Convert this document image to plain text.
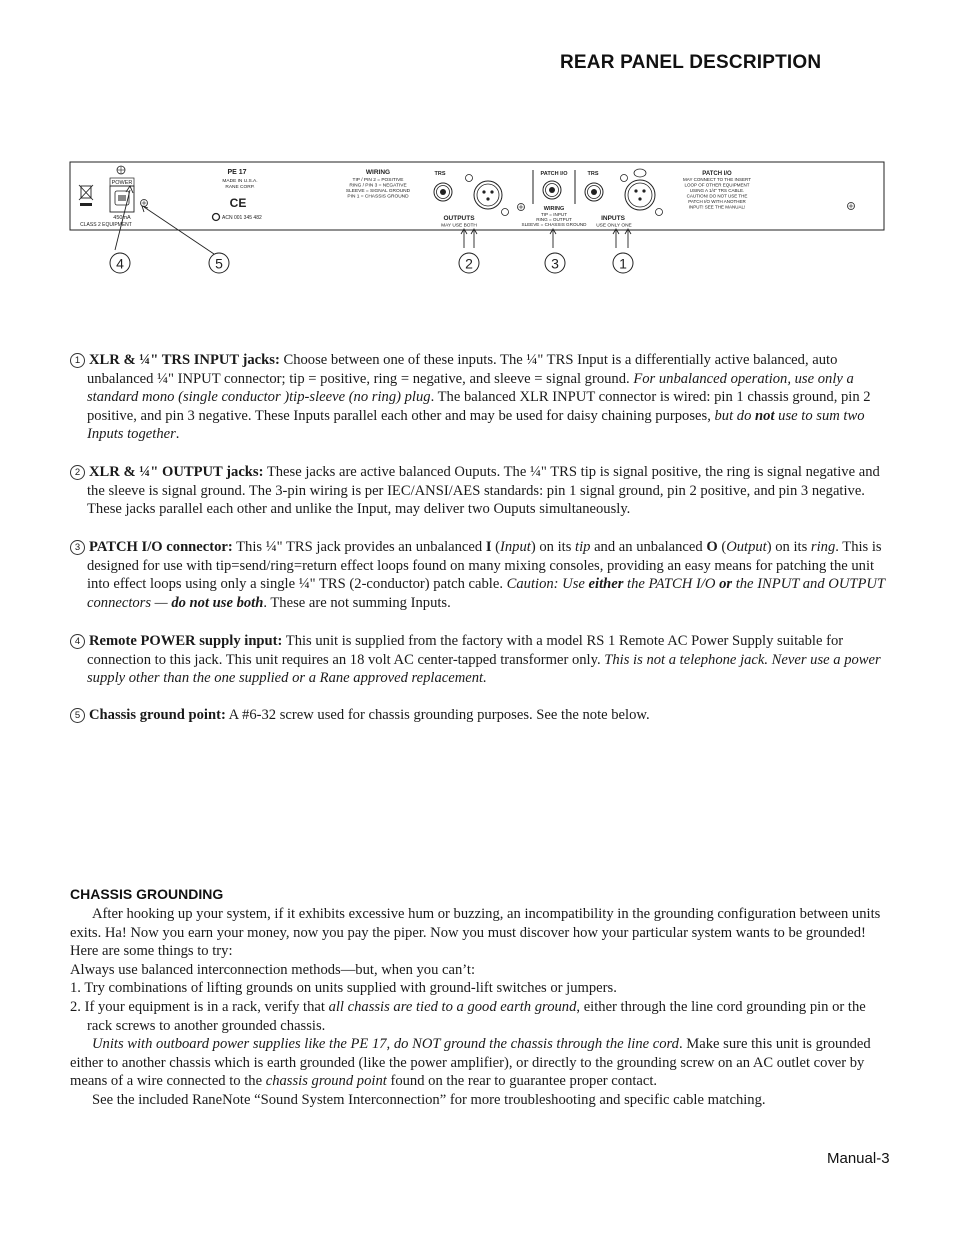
REAR PANEL DESCRIPTION
POWER
450mA
CLASS 2 EQUIPMENT
PE 17
MADE IN U.S.A.
RANE CORP.
CE
ACN 001 345 482
WIRING
TIP / PIN 2 = POSITIVE
RING / PIN 3 = NEGATIVE
SLEEVE = SIGNAL GROUND
PIN 1 = CHASSIS GROUND
TRS
OUTPUTS
MAY USE BOTH
PATCH I/O
WIRING
TIP = INPUT
RING = OUTPUT
SLEEVE = CHASSIS GROUND
TRS
INPUTS
USE ONLY ONE
PATCH I/O
MAY CONNECT TO THE INSERT
LOOP OF OTHER EQUIPMENT
USING A 1/4" TRS CABLE.
CAUTION! DO NOT USE THE
PATCH I/O WITH ANOTHER
INPUT! SEE THE MANUAL!
4	5	2	3	1

1 XLR & ¼" TRS INPUT jacks: Choose between one of these inputs. The ¼" TRS Input is a differentially active balanced, auto unbalanced ¼" INPUT connector; tip = positive, ring = negative, and sleeve = signal ground. For unbalanced operation, use only a standard mono (single conductor )tip-sleeve (no ring) plug. The balanced XLR INPUT connector is wired: pin 1 chassis ground, pin 2 positive, and pin 3 negative. These Inputs parallel each other and may be used for daisy chaining purposes, but do not use to sum two Inputs together.

2 XLR & ¼" OUTPUT jacks: These jacks are active balanced Ouputs. The ¼" TRS tip is signal positive, the ring is signal negative and the sleeve is signal ground. The 3-pin wiring is per IEC/ANSI/AES standards: pin 1 signal ground, pin 2 positive, and pin 3 negative. These jacks parallel each other and unlike the Input, may deliver two Ouputs simultaneously.

3 PATCH I/O connector: This ¼" TRS jack provides an unbalanced I (Input) on its tip and an unbalanced O (Output) on its ring. This is designed for use with tip=send/ring=return effect loops found on many mixing consoles, providing an easy means for patching the unit into effect loops using only a single ¼" TRS (2-conductor) patch cable. Caution: Use either the PATCH I/O or the INPUT and OUTPUT connectors — do not use both. These are not summing Inputs.

4 Remote POWER supply input: This unit is supplied from the factory with a model RS 1 Remote AC Power Supply suitable for connection to this jack. This unit requires an 18 volt AC center-tapped transformer only. This is not a telephone jack. Never use a power supply other than the one supplied or a Rane approved replacement.

5 Chassis ground point: A #6-32 screw used for chassis grounding purposes. See the note below.

CHASSIS GROUNDING

After hooking up your system, if it exhibits excessive hum or buzzing, an incompatibility in the grounding configuration between units exits. Ha! Now you earn your money, now you pay the piper. Now you must discover how your particular system wants to be grounded! Here are some things to try:

Always use balanced interconnection methods—but, when you can’t:

1. Try combinations of lifting grounds on units supplied with ground-lift switches or jumpers.

2. If your equipment is in a rack, verify that all chassis are tied to a good earth ground, either through the line cord grounding pin or the rack screws to another grounded chassis.

Units with outboard power supplies like the PE 17, do NOT ground the chassis through the line cord. Make sure this unit is grounded either to another chassis which is earth grounded (like the power amplifier), or directly to the grounding screw on an AC outlet cover by means of a wire connected to the chassis ground point found on the rear to guarantee proper contact.

See the included RaneNote “Sound System Interconnection” for more troubleshooting and specific cable matching.

Manual-3
